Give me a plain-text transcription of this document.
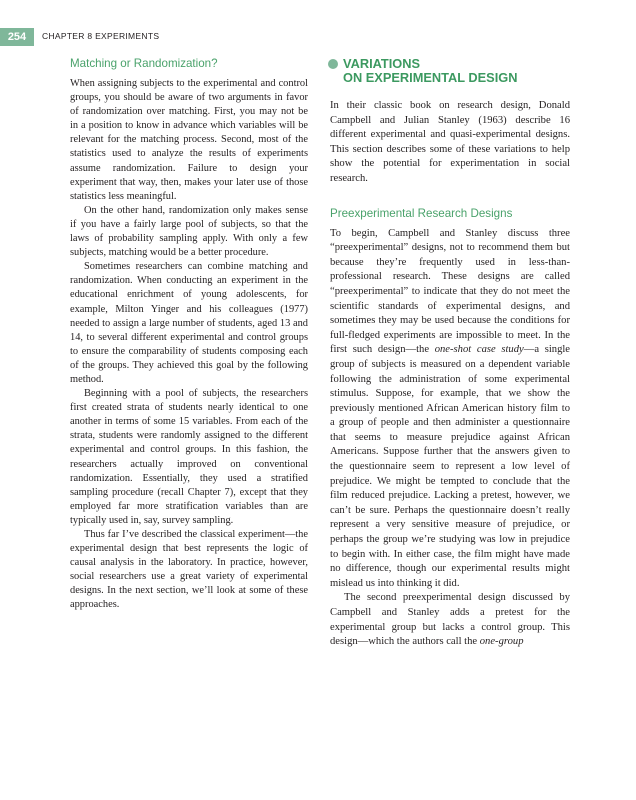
254	CHAPTER 8 EXPERIMENTS
Matching or Randomization?

When assigning subjects to the experimental and control groups, you should be aware of two arguments in favor of randomization over matching. First, you may not be in a position to know in advance which variables will be relevant for the matching process. Second, most of the statistics used to analyze the results of experiments assume randomization. Failure to design your experiment that way, then, makes your later use of those statistics less meaningful.

On the other hand, randomization only makes sense if you have a fairly large pool of subjects, so that the laws of probability sampling apply. With only a few subjects, matching would be a better procedure.

Sometimes researchers can combine matching and randomization. When conducting an experiment in the educational enrichment of young adolescents, for example, Milton Yinger and his colleagues (1977) needed to assign a large number of students, aged 13 and 14, to several different experimental and control groups to ensure the comparability of students composing each of the groups. They achieved this goal by the following method.

Beginning with a pool of subjects, the researchers first created strata of students nearly identical to one another in terms of some 15 variables. From each of the strata, students were randomly assigned to the different experimental and control groups. In this fashion, the researchers actually improved on conventional randomization. Essentially, they used a stratified sampling procedure (recall Chapter 7), except that they employed far more stratification variables than are typically used in, say, survey sampling.

Thus far I’ve described the classical experiment—the experimental design that best represents the logic of causal analysis in the laboratory. In practice, however, social researchers use a great variety of experimental designs. In the next section, we’ll look at some of these approaches.

VARIATIONS
ON EXPERIMENTAL DESIGN

In their classic book on research design, Donald Campbell and Julian Stanley (1963) describe 16 different experimental and quasi-experimental designs. This section describes some of these variations to help show the potential for experimentation in social research.

Preexperimental Research Designs

To begin, Campbell and Stanley discuss three “preexperimental” designs, not to recommend them but because they’re frequently used in less-than-professional research. These designs are called “preexperimental” to indicate that they do not meet the scientific standards of experimental designs, and sometimes they may be used because the conditions for full-fledged experiments are impossible to meet. In the first such design—the one-shot case study—a single group of subjects is measured on a dependent variable following the administration of some experimental stimulus. Suppose, for example, that we show the previously mentioned African American history film to a group of people and then administer a questionnaire that seems to measure prejudice against African Americans. Suppose further that the answers given to the questionnaire seem to represent a low level of prejudice. We might be tempted to conclude that the film reduced prejudice. Lacking a pretest, however, we can’t be sure. Perhaps the questionnaire doesn’t really represent a very sensitive measure of prejudice, or perhaps the group we’re studying was low in prejudice to begin with. In either case, the film might have made no difference, though our experimental results might mislead us into thinking it did.

The second preexperimental design discussed by Campbell and Stanley adds a pretest for the experimental group but lacks a control group. This design—which the authors call the one-group
